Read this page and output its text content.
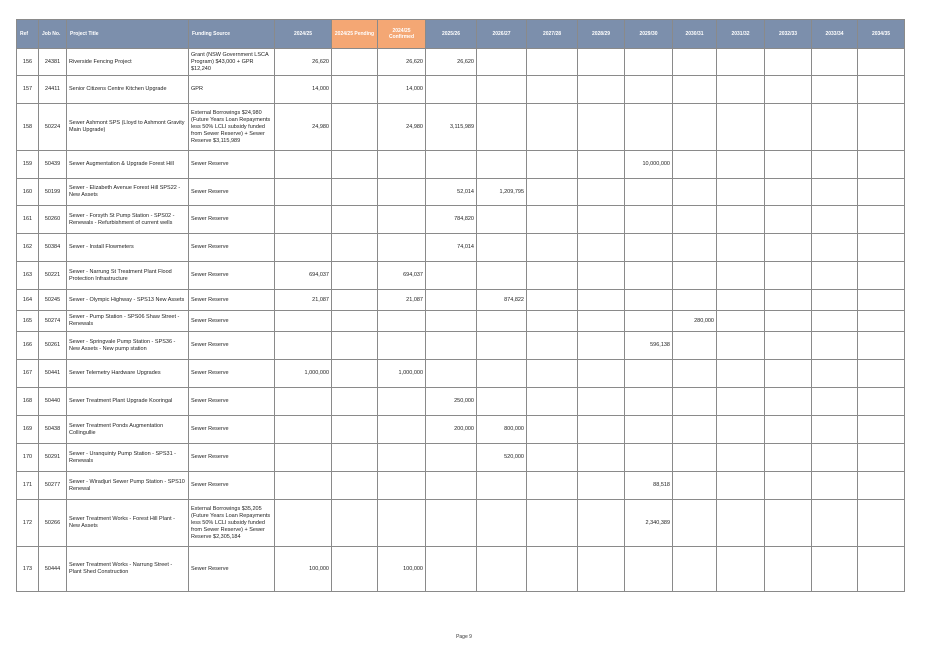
Ref	Job No.	Project Title	Funding Source	2024/25	2024/25 Pending	2024/25 Confirmed	2025/26	2026/27	2027/28	2028/29	2029/30	2030/31	2031/32	2032/33	2033/34	2034/35
156	24381	Riverside Fencing Project	Grant (NSW Government LSCA Program) $43,000 + GPR $12,240	26,620		26,620	26,620									
157	24411	Senior Citizens Centre Kitchen Upgrade	GPR	14,000		14,000										
158	50224	Sewer Ashmont SPS (Lloyd to Ashmont Gravity Main Upgrade)	External Borrowings $24,980 (Future Years Loan Repayments less 50% LCLI subsidy funded from Sewer Reserve) + Sewer Reserve $3,115,989	24,980		24,980	3,115,989									
159	50439	Sewer Augmentation & Upgrade Forest Hill	Sewer Reserve								10,000,000					
160	50199	Sewer - Elizabeth Avenue Forest Hill SPS22 - New Assets	Sewer Reserve				52,014	1,209,795								
161	50260	Sewer - Forsyth St Pump Station - SPS02 - Renewals - Refurbishment of current wells	Sewer Reserve				784,820									
162	50384	Sewer - Install Flowmeters	Sewer Reserve				74,014									
163	50221	Sewer - Narrung St Treatment Plant Flood Protection Infrastructure	Sewer Reserve	694,037		694,037										
164	50245	Sewer - Olympic Highway - SPS13 New Assets	Sewer Reserve	21,087		21,087		874,822								
165	50274	Sewer - Pump Station - SPS06 Shaw Street - Renewals	Sewer Reserve									280,000				
166	50261	Sewer - Springvale Pump Station - SPS36 - New Assets - New pump station	Sewer Reserve								596,138					
167	50441	Sewer Telemetry Hardware Upgrades	Sewer Reserve	1,000,000		1,000,000										
168	50440	Sewer Treatment Plant Upgrade Kooringal	Sewer Reserve				250,000									
169	50438	Sewer Treatment Ponds Augmentation Collingullie	Sewer Reserve				200,000	800,000								
170	50291	Sewer - Uranquinty Pump Station - SPS31 - Renewals	Sewer Reserve					520,000								
171	50277	Sewer - Wiradjuri Sewer Pump Station - SPS10 Renewal	Sewer Reserve								88,518					
172	50266	Sewer Treatment Works - Forest Hill Plant - New Assets	External Borrowings $35,205 (Future Years Loan Repayments less 50% LCLI subsidy funded from Sewer Reserve) + Sewer Reserve $2,305,184								2,340,389					
173	50444	Sewer Treatment Works - Narrung Street - Plant Shed Construction	Sewer Reserve	100,000		100,000										
Page 9
